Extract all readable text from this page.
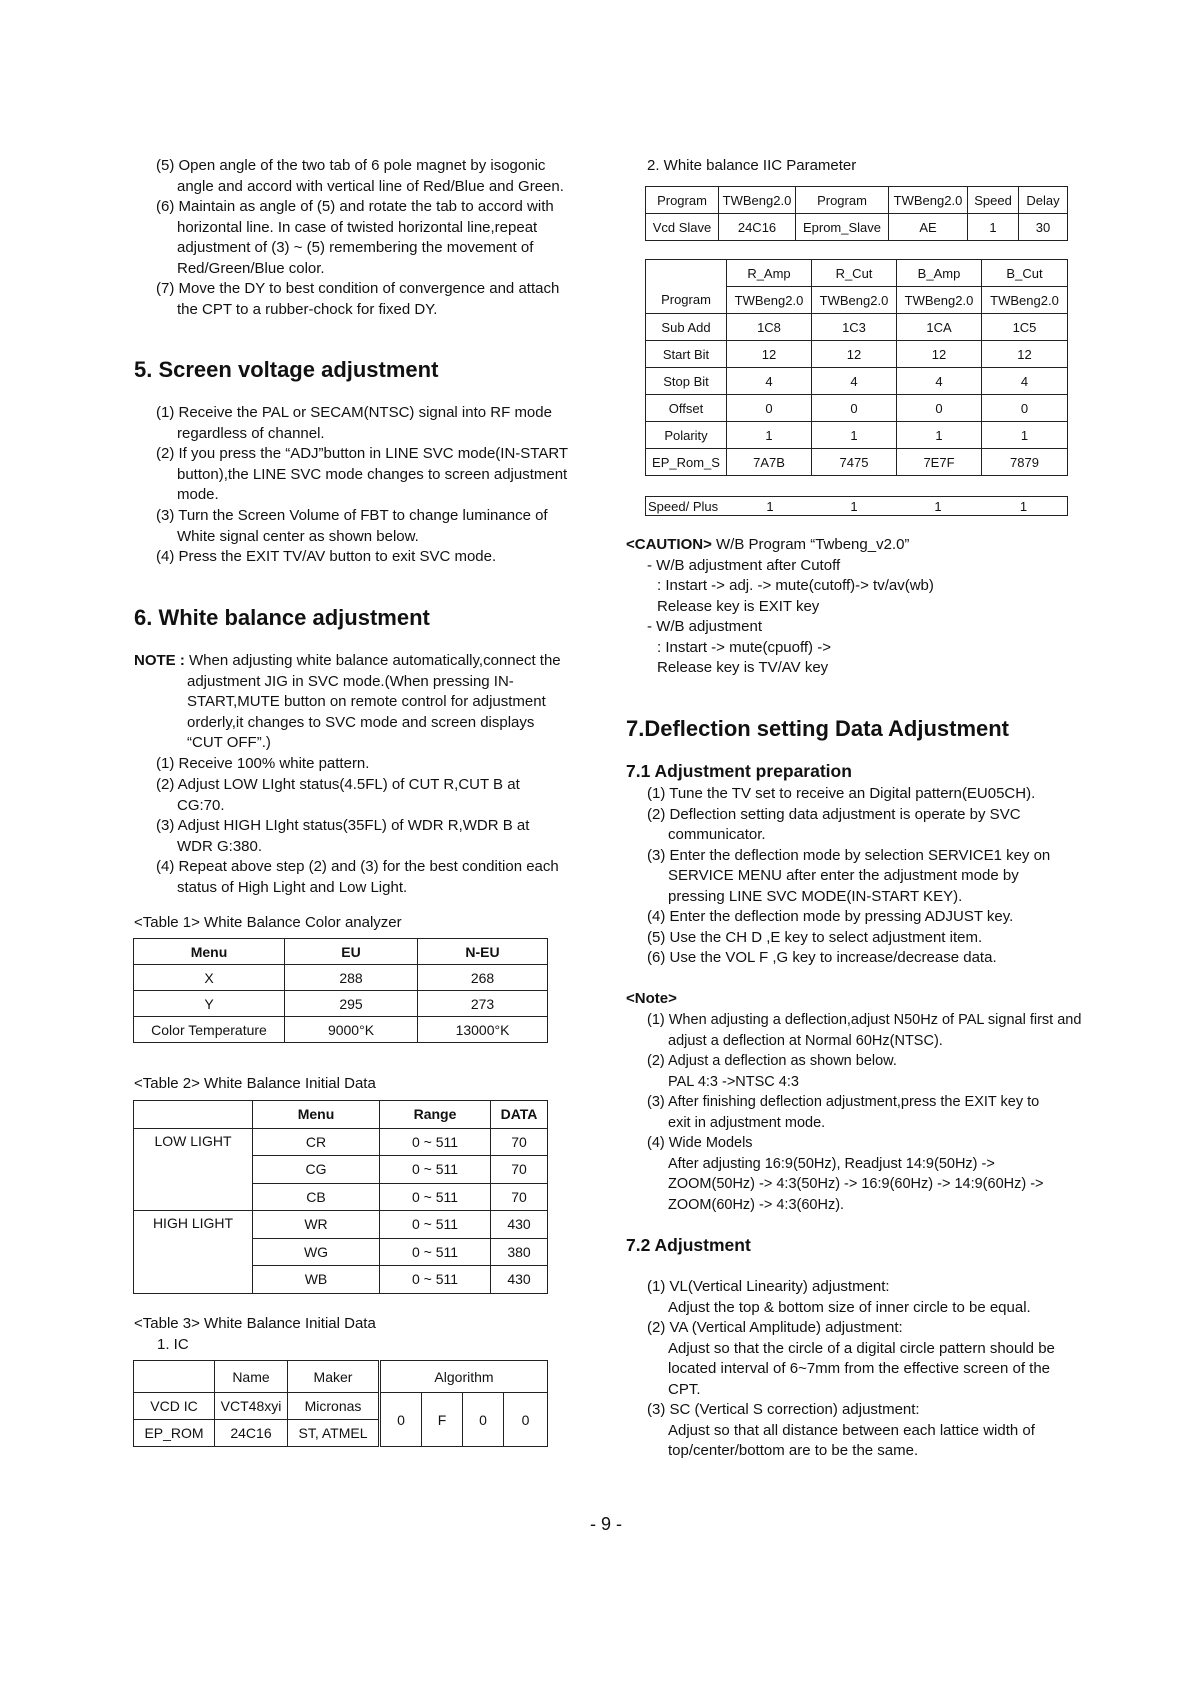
(5) Open angle of the two tab of 6 pole magnet by isogonic
angle and accord with vertical line of Red/Blue and Green.
(6) Maintain as angle of (5) and rotate the tab to accord with
horizontal line. In case of twisted horizontal line,repeat
adjustment of (3) ~ (5) remembering the movement of
Red/Green/Blue color.
(7) Move the DY to best condition of convergence and attach
the CPT to a rubber-chock for fixed DY.
5. Screen voltage adjustment
(1) Receive the PAL or SECAM(NTSC) signal into RF mode
regardless of channel.
(2) If you press the “ADJ”button in LINE SVC mode(IN-START
button),the LINE SVC mode changes to screen adjustment
mode.
(3) Turn the Screen Volume of FBT to change luminance of
White signal center as shown below.
(4) Press the EXIT TV/AV button to exit SVC mode.
6. White balance adjustment
NOTE : When adjusting white balance automatically,connect the
adjustment JIG in SVC mode.(When pressing IN-
START,MUTE button on remote control for adjustment
orderly,it changes to SVC mode and screen displays
“CUT OFF”.)
(1) Receive 100% white pattern.
(2) Adjust LOW LIght status(4.5FL) of CUT R,CUT B at
CG:70.
(3) Adjust HIGH LIght status(35FL) of WDR R,WDR B at
WDR G:380.
(4) Repeat above step (2) and (3) for the best condition each
status of High Light and Low Light.
<Table 1> White Balance Color analyzer
Menu	EU	N-EU
X	288	268
Y	295	273
Color Temperature	9000°K	13000°K
<Table 2> White Balance Initial Data
	Menu	Range	DATA
LOW LIGHT	CR	0 ~ 511	70
	CG	0 ~ 511	70
	CB	0 ~ 511	70
HIGH LIGHT	WR	0 ~ 511	430
	WG	0 ~ 511	380
	WB	0 ~ 511	430
<Table 3> White Balance Initial Data
1. IC
	Name	Maker	Algorithm			
VCD IC	VCT48xyi	Micronas	0	F	0	0
EP_ROM	24C16	ST, ATMEL				
2. White balance IIC Parameter
Program	TWBeng2.0	Program	TWBeng2.0	Speed	Delay
Vcd Slave	24C16	Eprom_Slave	AE	1	30
	R_Amp	R_Cut	B_Amp	B_Cut
Program	TWBeng2.0	TWBeng2.0	TWBeng2.0	TWBeng2.0
Sub Add	1C8	1C3	1CA	1C5
Start Bit	12	12	12	12
Stop Bit	4	4	4	4
Offset	0	0	0	0
Polarity	1	1	1	1
EP_Rom_S	7A7B	7475	7E7F	7879
Speed/ Plus	1	1	1	1
<CAUTION> W/B Program “Twbeng_v2.0”
- W/B adjustment after Cutoff
: Instart -> adj. -> mute(cutoff)-> tv/av(wb)
Release key is EXIT key
- W/B adjustment
: Instart -> mute(cpuoff) ->
Release key is TV/AV key
7.Deflection setting Data Adjustment
7.1 Adjustment preparation
(1) Tune the TV set to receive an Digital pattern(EU05CH).
(2) Deflection setting data adjustment is operate by SVC
communicator.
(3) Enter the deflection mode by selection SERVICE1 key on
SERVICE MENU after enter the adjustment mode by
pressing LINE SVC MODE(IN-START KEY).
(4) Enter the deflection mode by pressing ADJUST key.
(5) Use the CH D ,E key to select adjustment item.
(6) Use the VOL F ,G key to increase/decrease data.
<Note>
(1) When adjusting a deflection,adjust N50Hz of PAL signal first and
adjust a deflection at Normal 60Hz(NTSC).
(2) Adjust a deflection as shown below.
PAL 4:3 ->NTSC 4:3
(3) After finishing deflection adjustment,press the EXIT key to
exit in adjustment mode.
(4) Wide Models
After adjusting 16:9(50Hz), Readjust 14:9(50Hz) ->
ZOOM(50Hz) -> 4:3(50Hz) -> 16:9(60Hz) -> 14:9(60Hz) ->
ZOOM(60Hz) -> 4:3(60Hz).
7.2 Adjustment
(1) VL(Vertical Linearity) adjustment:
Adjust the top & bottom size of inner circle to be equal.
(2) VA (Vertical Amplitude) adjustment:
Adjust so that the circle of a digital circle pattern should be
located interval of 6~7mm from the effective screen of the
CPT.
(3) SC (Vertical S correction) adjustment:
Adjust so that all distance between each lattice width of
top/center/bottom are to be the same.
- 9 -
